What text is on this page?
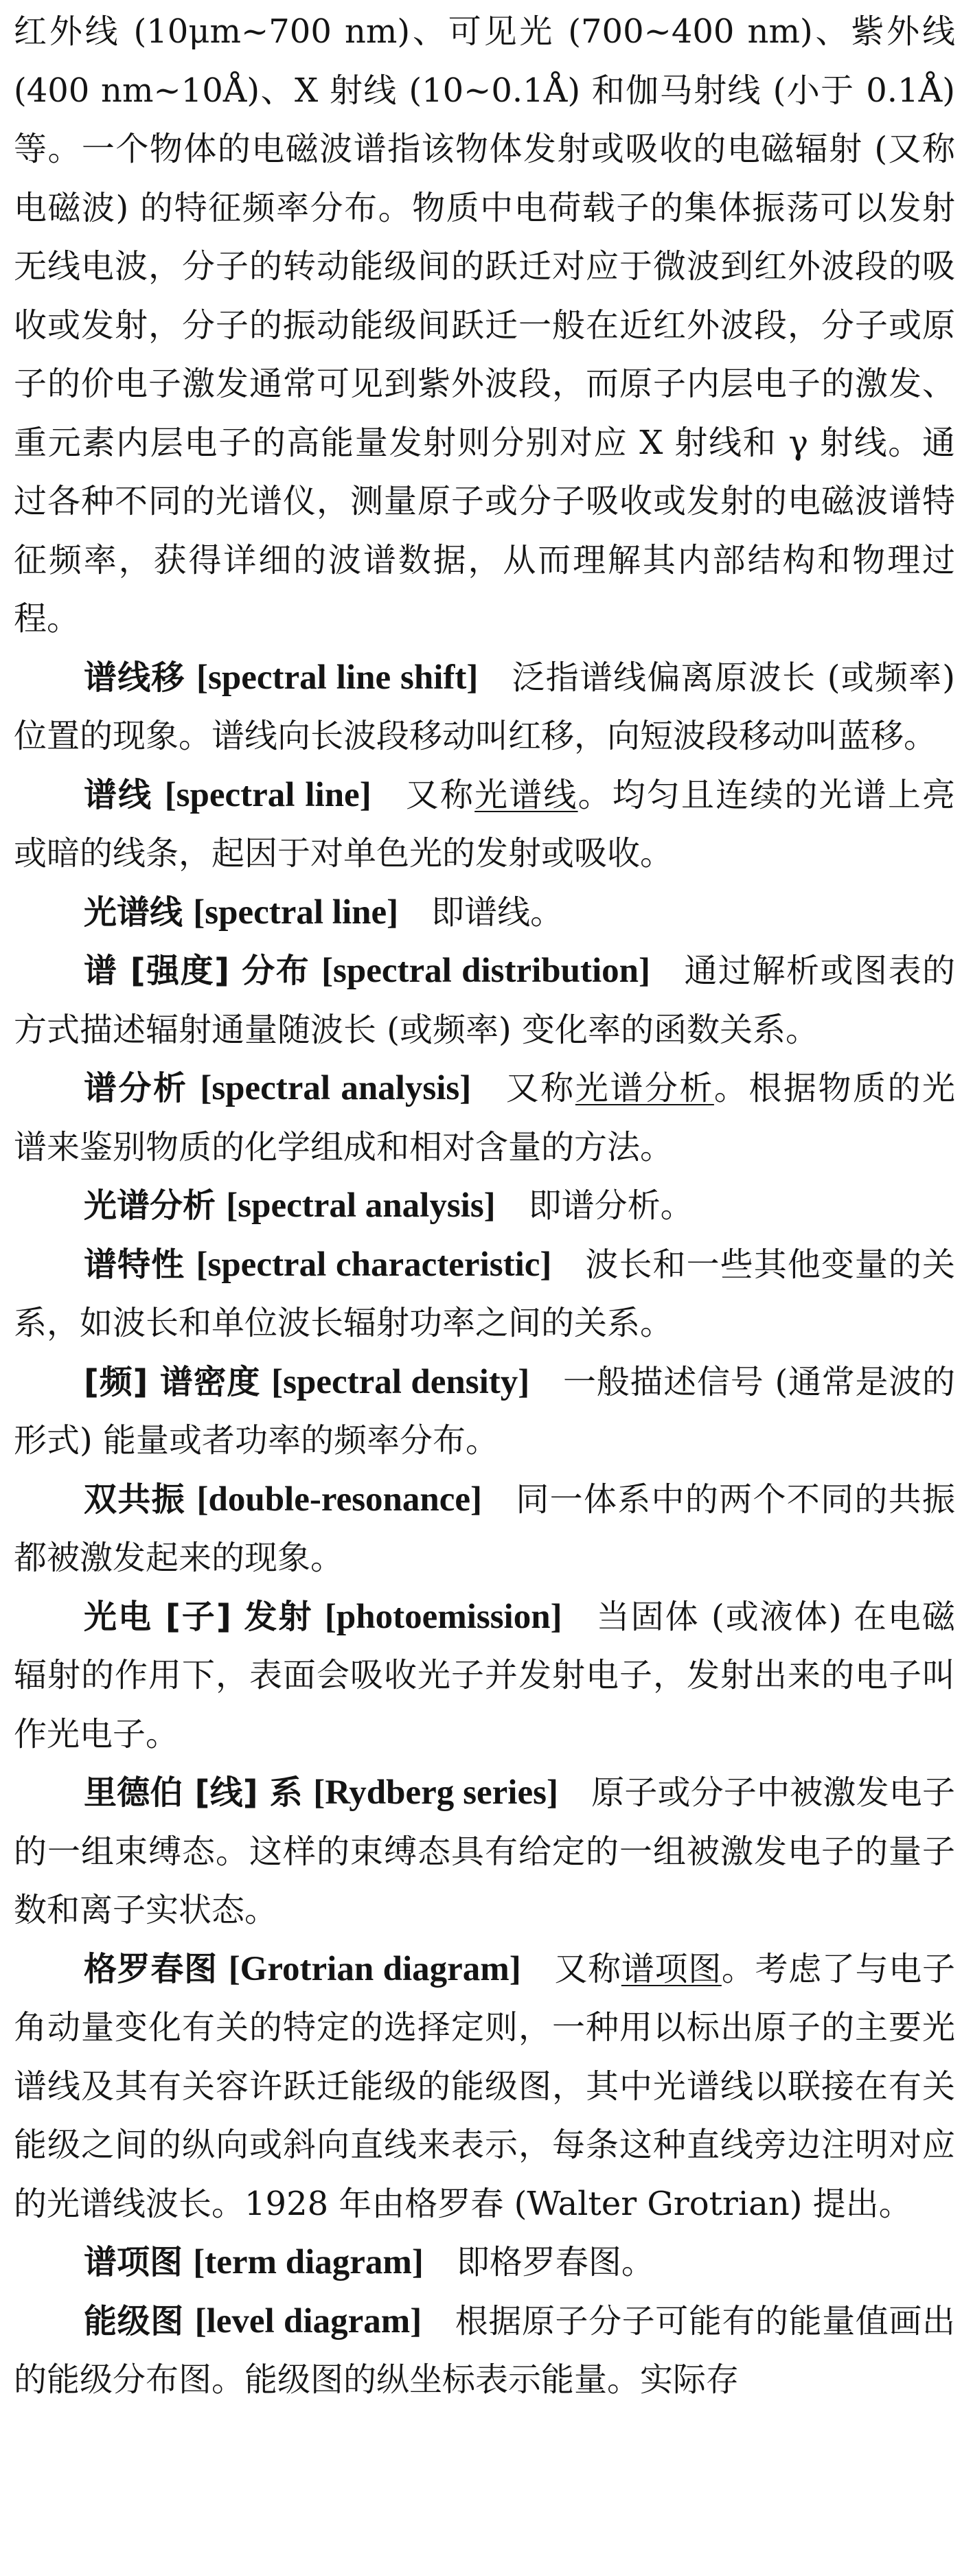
红外线 (10μm~700 nm)、可见光 (700~400 nm)、紫外线 (400 nm~10Å)、X 射线 (10~0.1Å) 和伽马射线 (小于 0.1Å) 等。一个物体的电磁波谱指该物体发射或吸收的电磁辐射 (又称电磁波) 的特征频率分布。物质中电荷载子的集体振荡可以发射无线电波，分子的转动能级间的跃迁对应于微波到红外波段的吸收或发射，分子的振动能级间跃迁一般在近红外波段，分子或原子的价电子激发通常可见到紫外波段，而原子内层电子的激发、重元素内层电子的高能量发射则分别对应 X 射线和 γ 射线。通过各种不同的光谱仪，测量原子或分子吸收或发射的电磁波谱特征频率，获得详细的波谱数据，从而理解其内部结构和物理过程。

谱线移 [spectral line shift] 泛指谱线偏离原波长 (或频率) 位置的现象。谱线向长波段移动叫红移，向短波段移动叫蓝移。

谱线 [spectral line] 又称光谱线。均匀且连续的光谱上亮或暗的线条，起因于对单色光的发射或吸收。

光谱线 [spectral line] 即谱线。

谱 [强度] 分布 [spectral distribution] 通过解析或图表的方式描述辐射通量随波长 (或频率) 变化率的函数关系。

谱分析 [spectral analysis] 又称光谱分析。根据物质的光谱来鉴别物质的化学组成和相对含量的方法。

光谱分析 [spectral analysis] 即谱分析。

谱特性 [spectral characteristic] 波长和一些其他变量的关系，如波长和单位波长辐射功率之间的关系。

[频] 谱密度 [spectral density] 一般描述信号 (通常是波的形式) 能量或者功率的频率分布。

双共振 [double-resonance] 同一体系中的两个不同的共振都被激发起来的现象。

光电 [子] 发射 [photoemission] 当固体 (或液体) 在电磁辐射的作用下，表面会吸收光子并发射电子，发射出来的电子叫作光电子。

里德伯 [线] 系 [Rydberg series] 原子或分子中被激发电子的一组束缚态。这样的束缚态具有给定的一组被激发电子的量子数和离子实状态。

格罗春图 [Grotrian diagram] 又称谱项图。考虑了与电子角动量变化有关的特定的选择定则，一种用以标出原子的主要光谱线及其有关容许跃迁能级的能级图，其中光谱线以联接在有关能级之间的纵向或斜向直线来表示，每条这种直线旁边注明对应的光谱线波长。1928 年由格罗春 (Walter Grotrian) 提出。

谱项图 [term diagram] 即格罗春图。

能级图 [level diagram] 根据原子分子可能有的能量值画出的能级分布图。能级图的纵坐标表示能量。实际存
